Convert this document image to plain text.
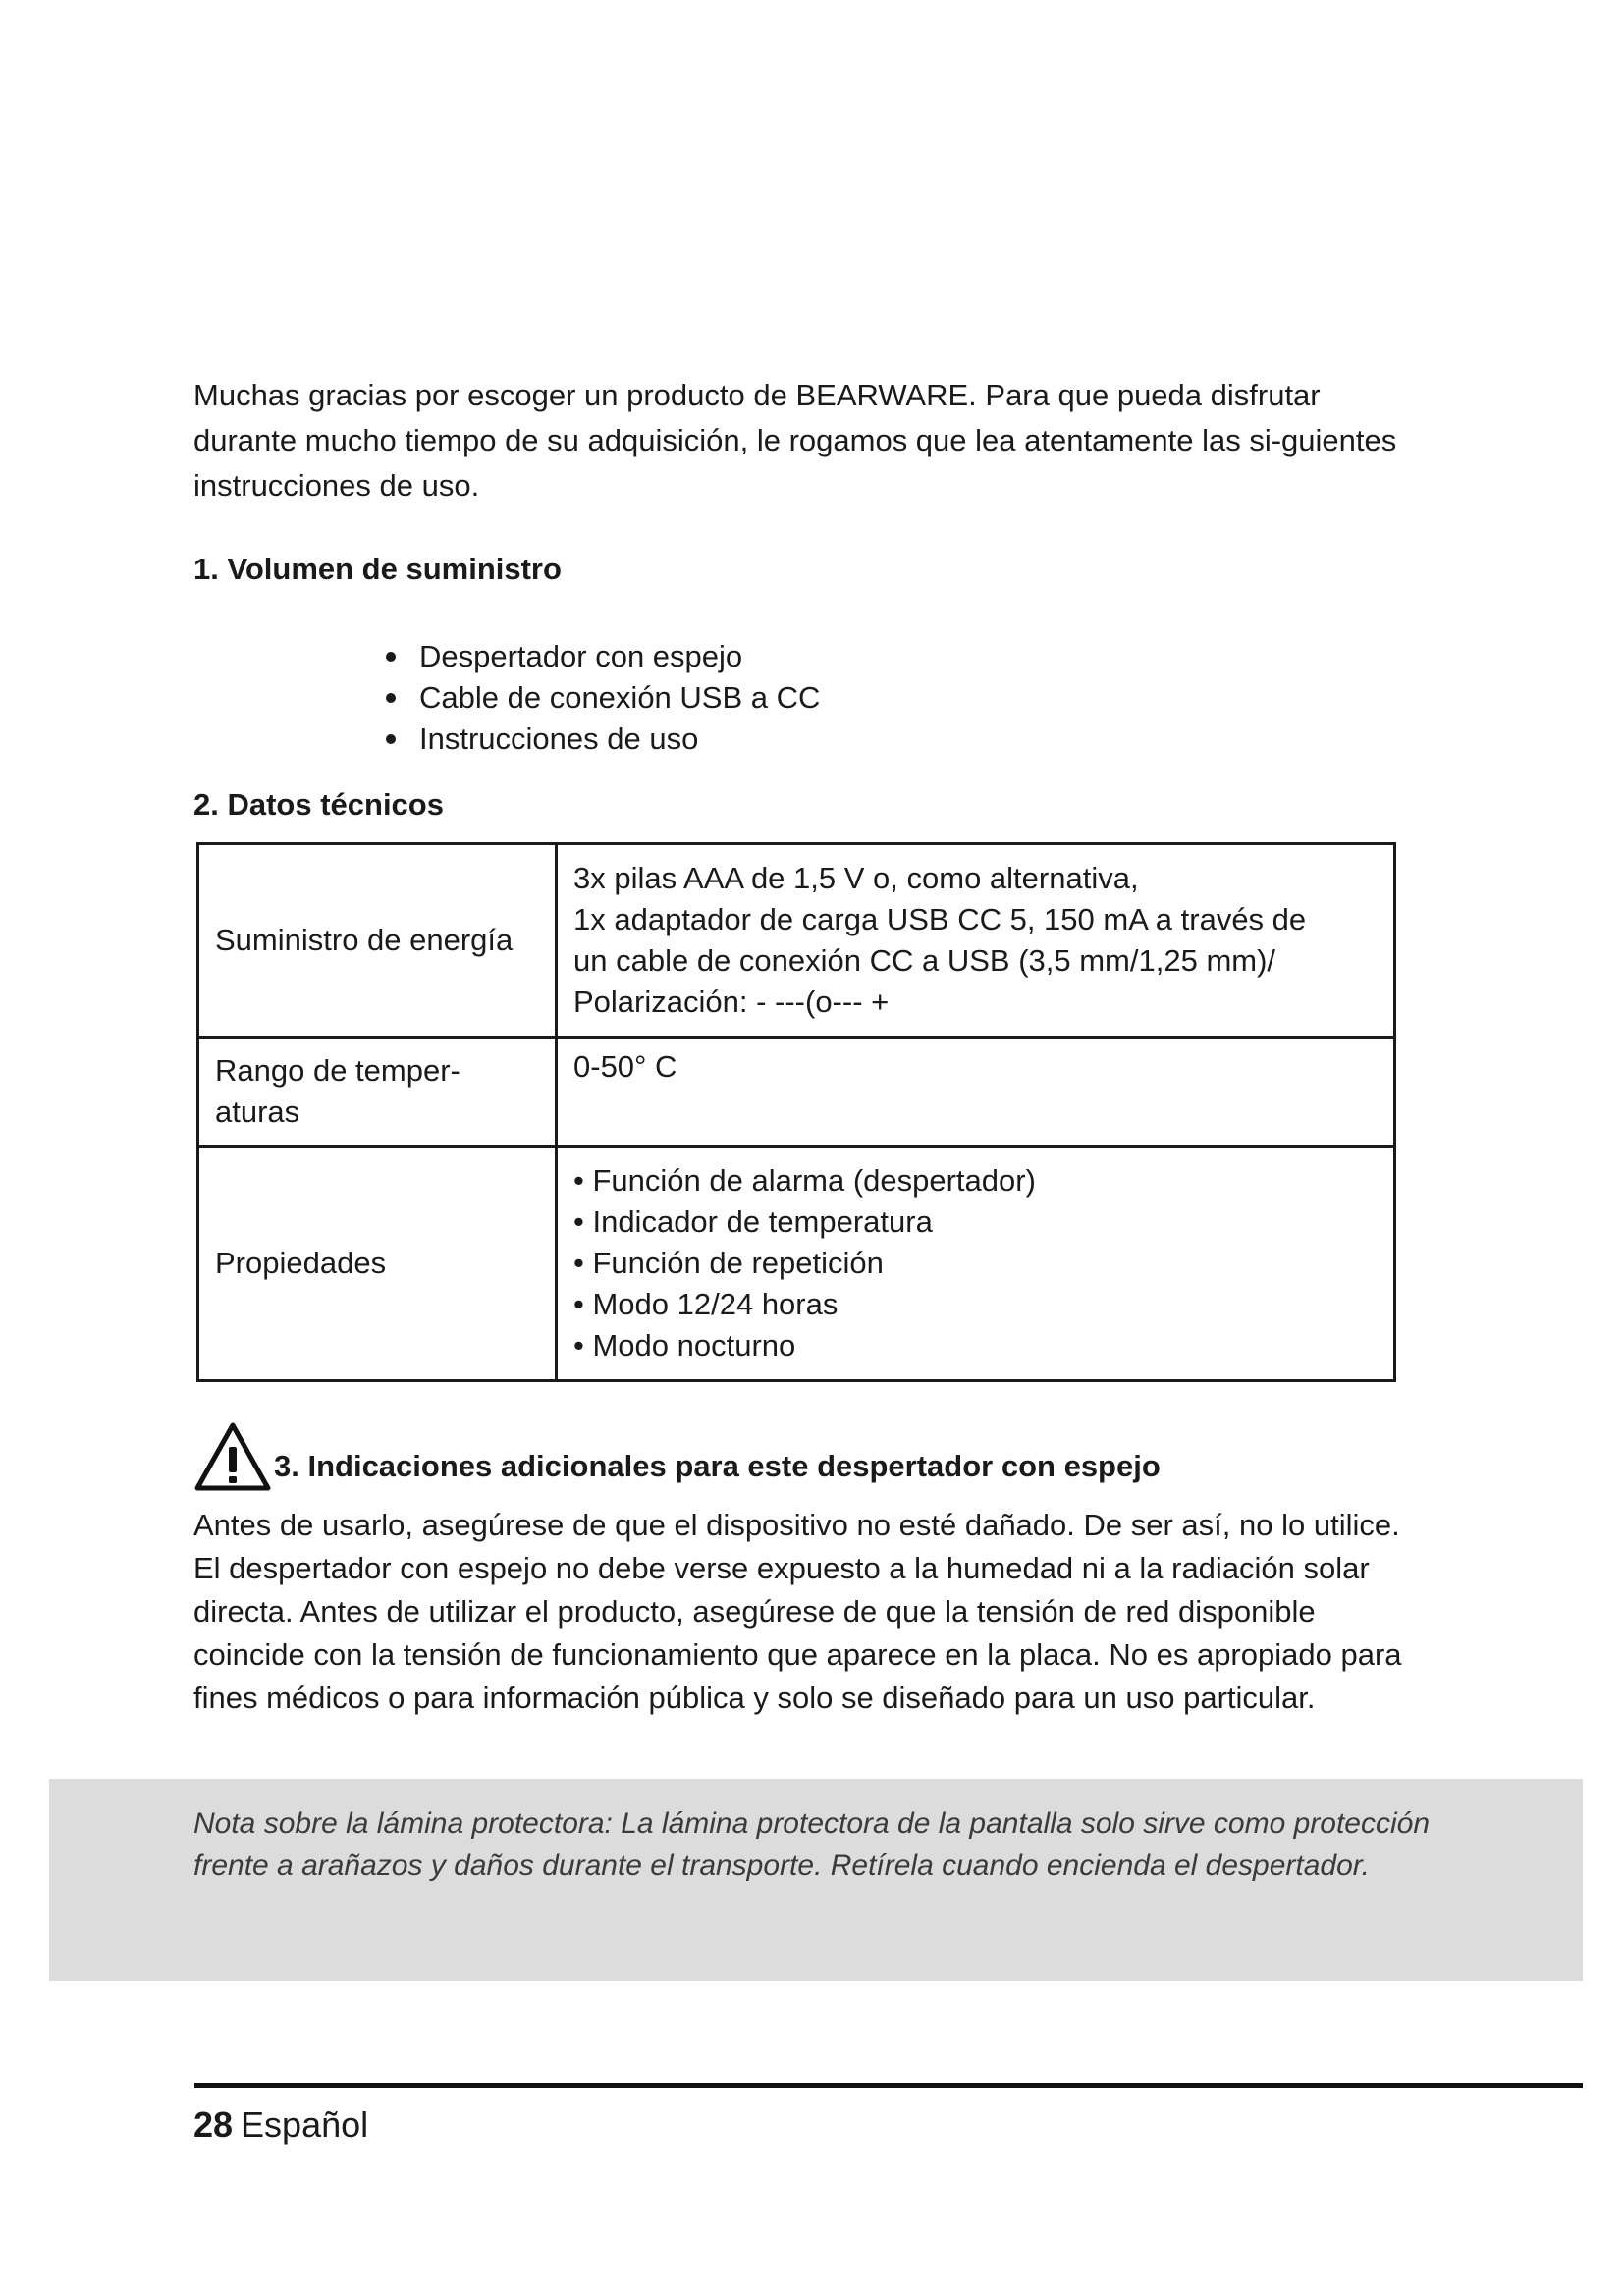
Muchas gracias por escoger un producto de BEARWARE. Para que pueda disfrutar durante mucho tiempo de su adquisición, le rogamos que lea atentamente las si-guientes instrucciones de uso.

1. Volumen de suministro
Despertador con espejo
Cable de conexión USB a CC
Instrucciones de uso
2. Datos técnicos
Suministro de energía	3x pilas AAA de 1,5 V o, como alternativa,
1x adaptador de carga USB CC 5, 150 mA a través de
un cable de conexión CC a USB (3,5 mm/1,25 mm)/
Polarización: - ---(o--- +

Rango de temper-aturas	0-50° C

Propiedades	• Función de alarma (despertador)
• Indicador de temperatura
• Función de repetición
• Modo 12/24 horas
• Modo nocturno
3. Indicaciones adicionales para este despertador con espejo

Antes de usarlo, asegúrese de que el dispositivo no esté dañado. De ser así, no lo utilice. El despertador con espejo no debe verse expuesto a la humedad ni a la radiación solar directa. Antes de utilizar el producto, asegúrese de que la tensión de red disponible coincide con la tensión de funcionamiento que aparece en la placa. No es apropiado para fines médicos o para información pública y solo se diseñado para un uso particular.

Nota sobre la lámina protectora: La lámina protectora de la pantalla solo sirve como protección frente a arañazos y daños durante el transporte. Retírela cuando encienda el despertador.

28 Español
